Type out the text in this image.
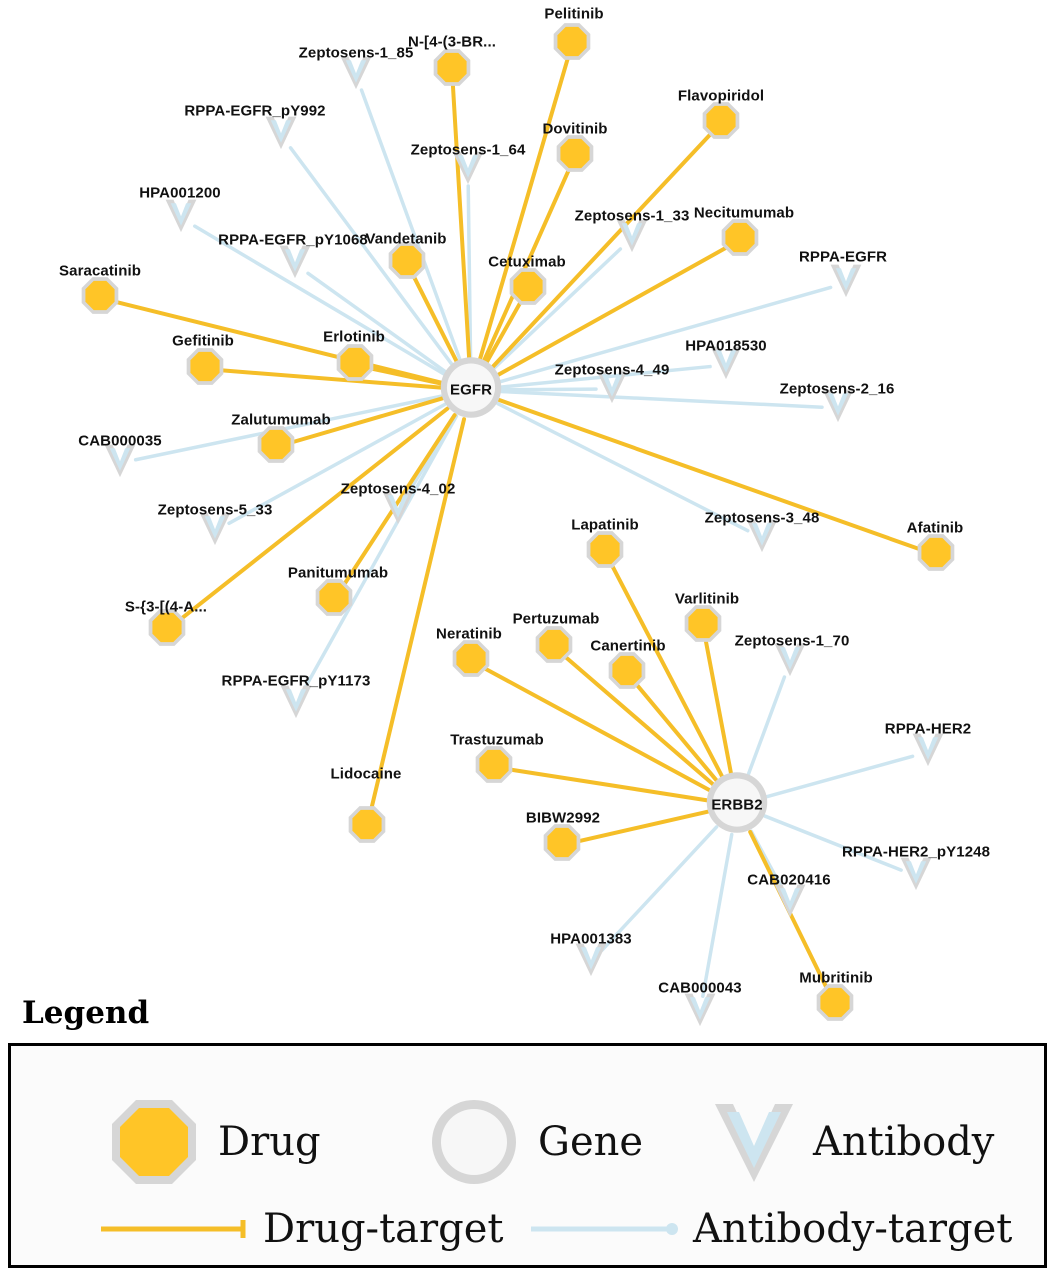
Pelitinib
N-[4-(3-BR...
Flavopiridol
Dovitinib
Necitumumab
Vandetanib
Cetuximab
Saracatinib
Gefitinib	Erlotinib
Zalutumumab
Afatinib
Lapatinib
Varlitinib
Panitumumab
S-{3-[(4-A...
Pertuzumab
Neratinib
Canertinib
Trastuzumab
Lidocaine
BIBW2992
Mubritinib
Zeptosens-1_85
RPPA-EGFR_pY992
Zeptosens-1_64
HPA001200
Zeptosens-1_33
RPPA-EGFR_pY1068
RPPA-EGFR
HPA018530
Zeptosens-4_49
Zeptosens-2_16
CAB000035
Zeptosens-5_33
Zeptosens-4_02
Zeptosens-3_48
Zeptosens-1_70
RPPA-EGFR_pY1173
RPPA-HER2
RPPA-HER2_pY1248
CAB020416
HPA001383
CAB000043
EGFR
ERBB2
Legend
Drug	Gene	Antibody
Drug-target	Antibody-target
